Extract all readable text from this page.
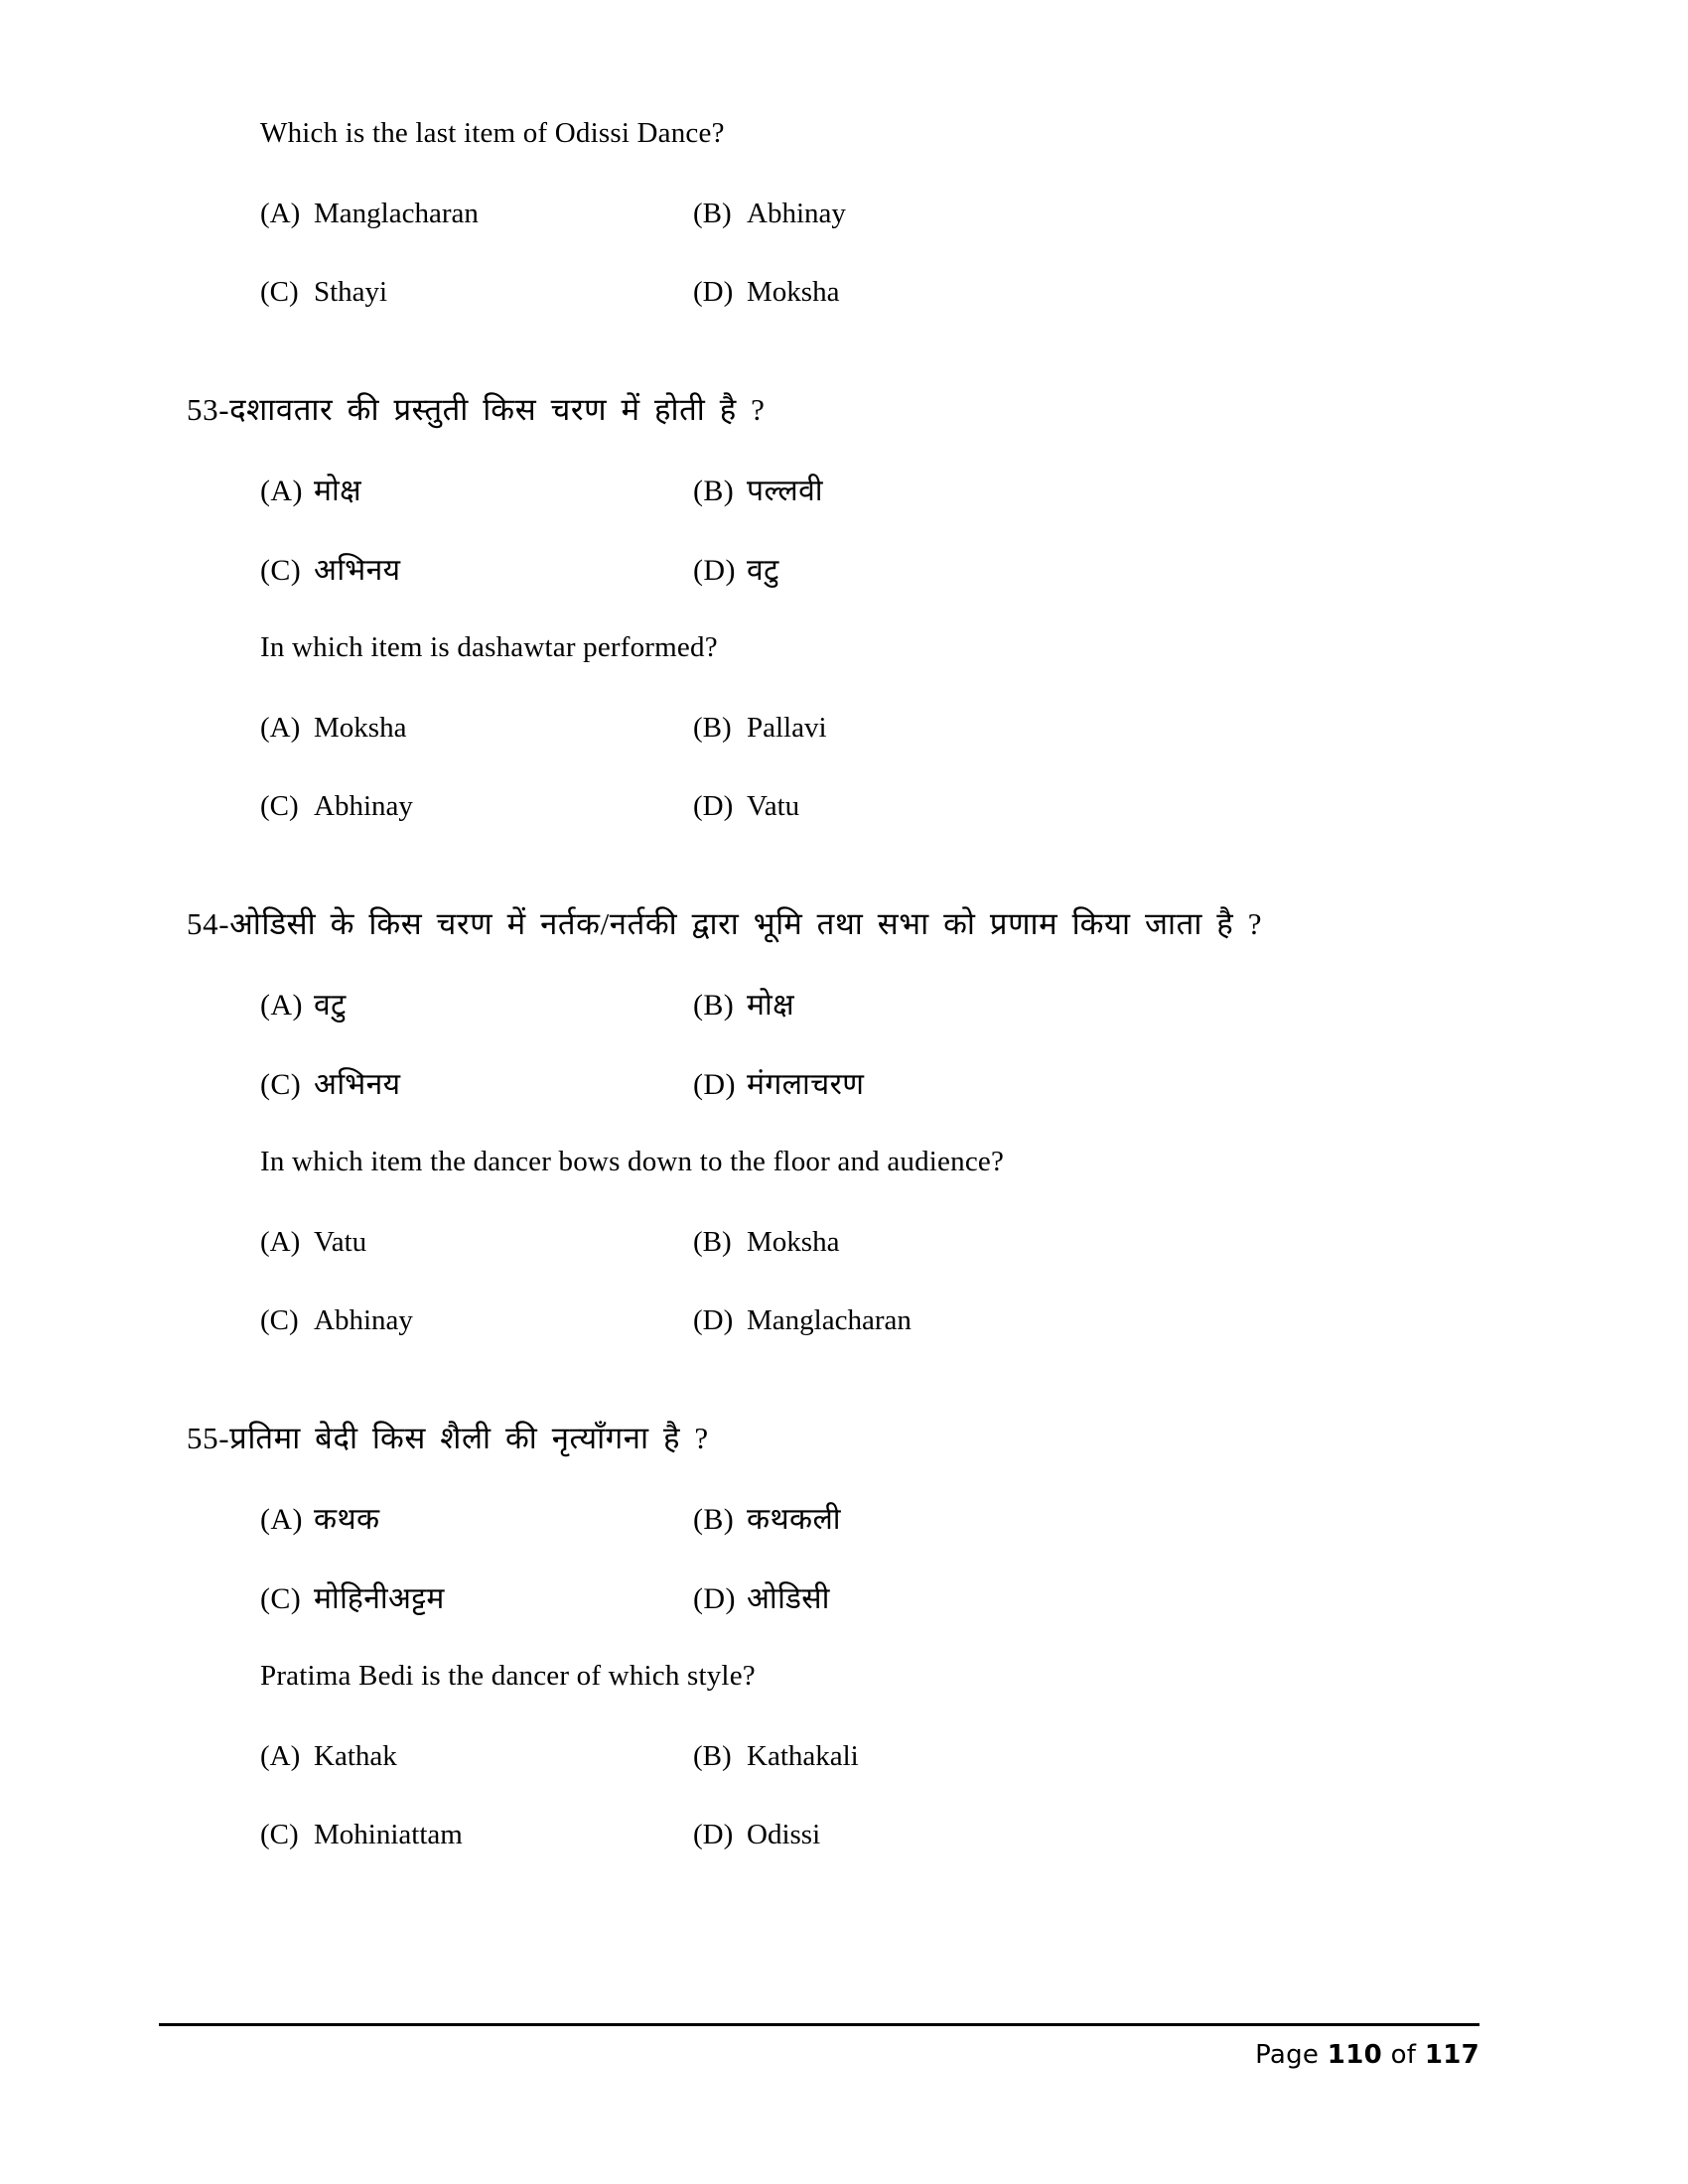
Which is the last item of Odissi Dance?
(A) Manglacharan	(B) Abhinay
(C) Sthayi	(D) Moksha
53-दशावतार की प्रस्तुती किस चरण में होती है ?
(A) मोक्ष	(B) पल्लवी
(C) अभिनय	(D) वटु
In which item is dashawtar performed?
(A) Moksha	(B) Pallavi
(C) Abhinay	(D) Vatu
54-ओडिसी के किस चरण में नर्तक/नर्तकी द्वारा भूमि तथा सभा को प्रणाम किया जाता है ?
(A) वटु	(B) मोक्ष
(C) अभिनय	(D) मंगलाचरण
In which item the dancer bows down to the floor and audience?
(A) Vatu	(B) Moksha
(C) Abhinay	(D) Manglacharan
55-प्रतिमा बेदी किस शैली की नृत्याँगना है ?
(A) कथक	(B) कथकली
(C) मोहिनीअट्टम	(D) ओडिसी
Pratima Bedi is the dancer of which style?
(A) Kathak	(B) Kathakali
(C) Mohiniattam	(D) Odissi
Page 110 of 117
